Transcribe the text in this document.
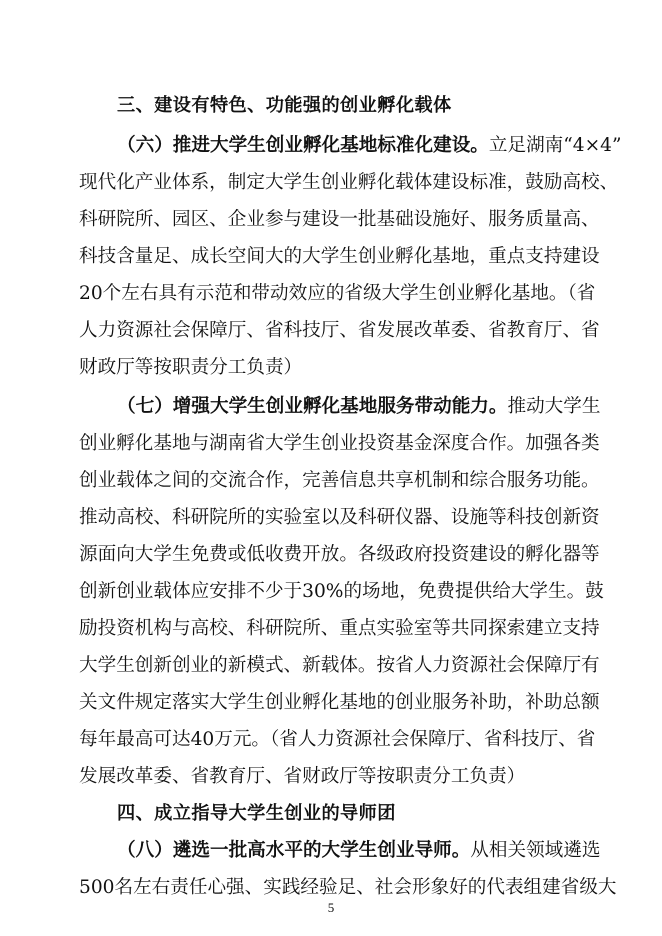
三、建设有特色、功能强的创业孵化载体
（六）推进大学生创业孵化基地标准化建设。立足湖南“4×4”
现代化产业体系，制定大学生创业孵化载体建设标准，鼓励高校、
科研院所、园区、企业参与建设一批基础设施好、服务质量高、
科技含量足、成长空间大的大学生创业孵化基地，重点支持建设
20个左右具有示范和带动效应的省级大学生创业孵化基地。（省
人力资源社会保障厅、省科技厅、省发展改革委、省教育厅、省
财政厅等按职责分工负责）
（七）增强大学生创业孵化基地服务带动能力。推动大学生
创业孵化基地与湖南省大学生创业投资基金深度合作。加强各类
创业载体之间的交流合作，完善信息共享机制和综合服务功能。
推动高校、科研院所的实验室以及科研仪器、设施等科技创新资
源面向大学生免费或低收费开放。各级政府投资建设的孵化器等
创新创业载体应安排不少于30%的场地，免费提供给大学生。鼓
励投资机构与高校、科研院所、重点实验室等共同探索建立支持
大学生创新创业的新模式、新载体。按省人力资源社会保障厅有
关文件规定落实大学生创业孵化基地的创业服务补助，补助总额
每年最高可达40万元。（省人力资源社会保障厅、省科技厅、省
发展改革委、省教育厅、省财政厅等按职责分工负责）
四、成立指导大学生创业的导师团
（八）遴选一批高水平的大学生创业导师。从相关领域遴选
500名左右责任心强、实践经验足、社会形象好的代表组建省级大
5
